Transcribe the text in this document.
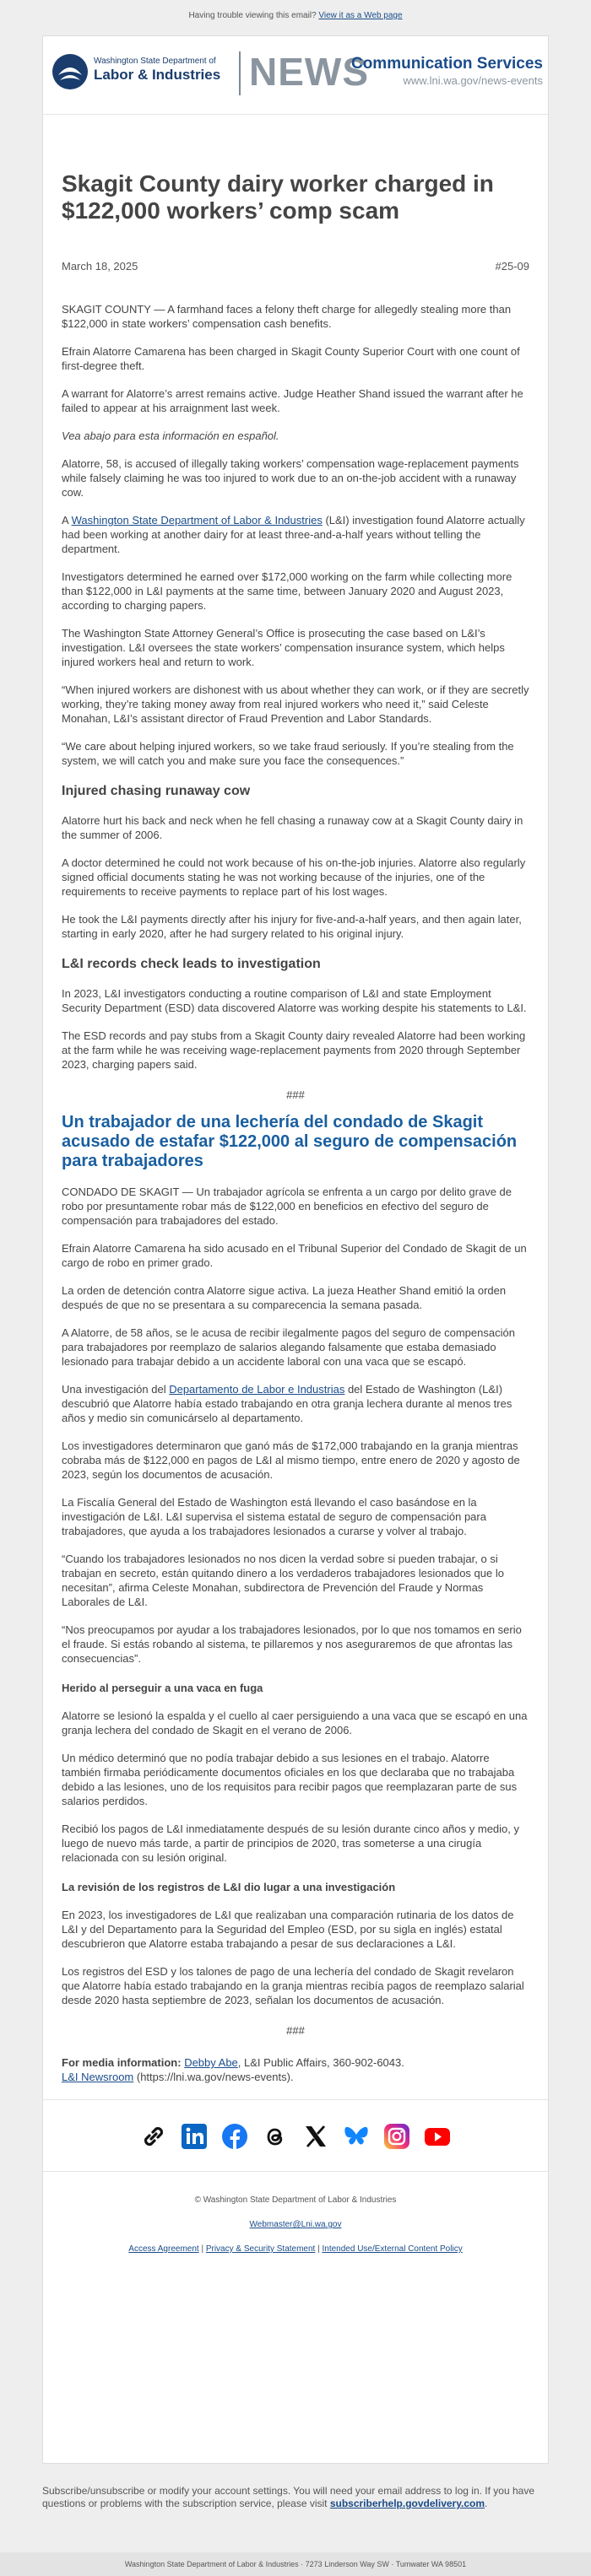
Having trouble viewing this email? View it as a Web page
Washington State Department of
Labor & Industries NEWS
Communication Services
www.lni.wa.gov/news-events
Skagit County dairy worker charged in $122,000 workers’ comp scam
March 18, 2025	#25-09

SKAGIT COUNTY — A farmhand faces a felony theft charge for allegedly stealing more than $122,000 in state workers’ compensation cash benefits.

Efrain Alatorre Camarena has been charged in Skagit County Superior Court with one count of first-degree theft.

A warrant for Alatorre’s arrest remains active. Judge Heather Shand issued the warrant after he failed to appear at his arraignment last week.

Vea abajo para esta información en español.

Alatorre, 58, is accused of illegally taking workers’ compensation wage-replacement payments while falsely claiming he was too injured to work due to an on-the-job accident with a runaway cow.

A Washington State Department of Labor & Industries (L&I) investigation found Alatorre actually had been working at another dairy for at least three-and-a-half years without telling the department.

Investigators determined he earned over $172,000 working on the farm while collecting more than $122,000 in L&I payments at the same time, between January 2020 and August 2023, according to charging papers.

The Washington State Attorney General’s Office is prosecuting the case based on L&I’s investigation. L&I oversees the state workers’ compensation insurance system, which helps injured workers heal and return to work.

“When injured workers are dishonest with us about whether they can work, or if they are secretly working, they’re taking money away from real injured workers who need it,” said Celeste Monahan, L&I’s assistant director of Fraud Prevention and Labor Standards.

“We care about helping injured workers, so we take fraud seriously. If you’re stealing from the system, we will catch you and make sure you face the consequences.”

Injured chasing runaway cow

Alatorre hurt his back and neck when he fell chasing a runaway cow at a Skagit County dairy in the summer of 2006.

A doctor determined he could not work because of his on-the-job injuries. Alatorre also regularly signed official documents stating he was not working because of the injuries, one of the requirements to receive payments to replace part of his lost wages.

He took the L&I payments directly after his injury for five-and-a-half years, and then again later, starting in early 2020, after he had surgery related to his original injury.

L&I records check leads to investigation

In 2023, L&I investigators conducting a routine comparison of L&I and state Employment Security Department (ESD) data discovered Alatorre was working despite his statements to L&I.

The ESD records and pay stubs from a Skagit County dairy revealed Alatorre had been working at the farm while he was receiving wage-replacement payments from 2020 through September 2023, charging papers said.

###
Un trabajador de una lechería del condado de Skagit acusado de estafar $122,000 al seguro de compensación para trabajadores

CONDADO DE SKAGIT — Un trabajador agrícola se enfrenta a un cargo por delito grave de robo por presuntamente robar más de $122,000 en beneficios en efectivo del seguro de compensación para trabajadores del estado.

Efrain Alatorre Camarena ha sido acusado en el Tribunal Superior del Condado de Skagit de un cargo de robo en primer grado.

La orden de detención contra Alatorre sigue activa. La jueza Heather Shand emitió la orden después de que no se presentara a su comparecencia la semana pasada.

A Alatorre, de 58 años, se le acusa de recibir ilegalmente pagos del seguro de compensación para trabajadores por reemplazo de salarios alegando falsamente que estaba demasiado lesionado para trabajar debido a un accidente laboral con una vaca que se escapó.

Una investigación del Departamento de Labor e Industrias del Estado de Washington (L&I) descubrió que Alatorre había estado trabajando en otra granja lechera durante al menos tres años y medio sin comunicárselo al departamento.

Los investigadores determinaron que ganó más de $172,000 trabajando en la granja mientras cobraba más de $122,000 en pagos de L&I al mismo tiempo, entre enero de 2020 y agosto de 2023, según los documentos de acusación.

La Fiscalía General del Estado de Washington está llevando el caso basándose en la investigación de L&I. L&I supervisa el sistema estatal de seguro de compensación para trabajadores, que ayuda a los trabajadores lesionados a curarse y volver al trabajo.

“Cuando los trabajadores lesionados no nos dicen la verdad sobre si pueden trabajar, o si trabajan en secreto, están quitando dinero a los verdaderos trabajadores lesionados que lo necesitan”, afirma Celeste Monahan, subdirectora de Prevención del Fraude y Normas Laborales de L&I.

“Nos preocupamos por ayudar a los trabajadores lesionados, por lo que nos tomamos en serio el fraude. Si estás robando al sistema, te pillaremos y nos aseguraremos de que afrontas las consecuencias”.

Herido al perseguir a una vaca en fuga

Alatorre se lesionó la espalda y el cuello al caer persiguiendo a una vaca que se escapó en una granja lechera del condado de Skagit en el verano de 2006.

Un médico determinó que no podía trabajar debido a sus lesiones en el trabajo. Alatorre también firmaba periódicamente documentos oficiales en los que declaraba que no trabajaba debido a las lesiones, uno de los requisitos para recibir pagos que reemplazaran parte de sus salarios perdidos.

Recibió los pagos de L&I inmediatamente después de su lesión durante cinco años y medio, y luego de nuevo más tarde, a partir de principios de 2020, tras someterse a una cirugía relacionada con su lesión original.

La revisión de los registros de L&I dio lugar a una investigación

En 2023, los investigadores de L&I que realizaban una comparación rutinaria de los datos de L&I y del Departamento para la Seguridad del Empleo (ESD, por su sigla en inglés) estatal descubrieron que Alatorre estaba trabajando a pesar de sus declaraciones a L&I.

Los registros del ESD y los talones de pago de una lechería del condado de Skagit revelaron que Alatorre había estado trabajando en la granja mientras recibía pagos de reemplazo salarial desde 2020 hasta septiembre de 2023, señalan los documentos de acusación.

###
For media information: Debby Abe, L&I Public Affairs, 360-902-6043.
L&I Newsroom (https://lni.wa.gov/news-events).
© Washington State Department of Labor & Industries
Webmaster@Lni.wa.gov
Access Agreement | Privacy & Security Statement | Intended Use/External Content Policy
Subscribe/unsubscribe or modify your account settings. You will need your email address to log in. If you have questions or problems with the subscription service, please visit subscriberhelp.govdelivery.com.
Washington State Department of Labor & Industries · 7273 Linderson Way SW · Tumwater WA 98501
